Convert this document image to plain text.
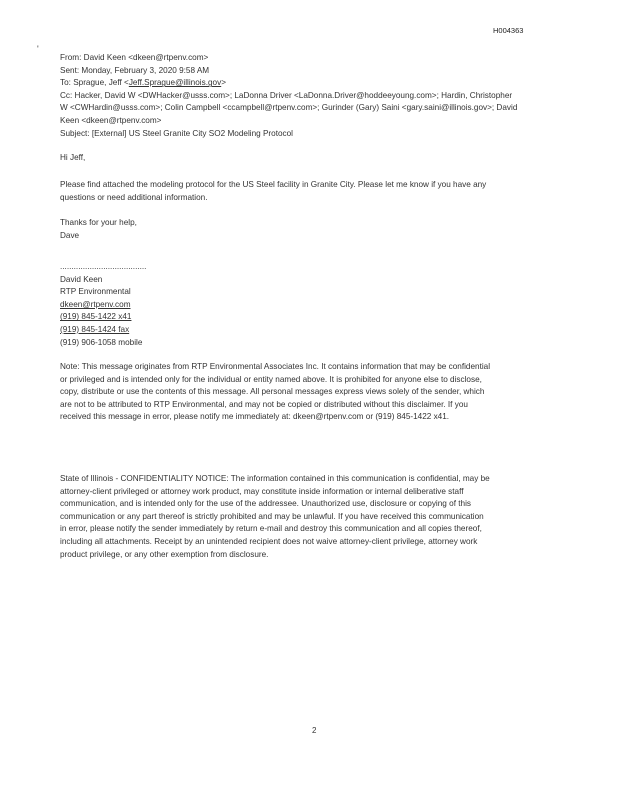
H004363
'
From: David Keen <dkeen@rtpenv.com>
Sent: Monday, February 3, 2020 9:58 AM
To: Sprague, Jeff <Jeff.Sprague@illinois.gov>
Cc: Hacker, David W <DWHacker@usss.com>; LaDonna Driver <LaDonna.Driver@hoddeeyoung.com>; Hardin, Christopher
W <CWHardin@usss.com>; Colin Campbell <ccampbell@rtpenv.com>; Gurinder (Gary) Saini <gary.saini@illinois.gov>; David
Keen <dkeen@rtpenv.com>
Subject: [External] US Steel Granite City SO2 Modeling Protocol
Hi Jeff,
Please find attached the modeling protocol for the US Steel facility in Granite City. Please let me know if you have any
questions or need additional information.
Thanks for your help,
Dave
......................................
David Keen
RTP Environmental
dkeen@rtpenv.com
(919) 845-1422 x41
(919) 845-1424 fax
(919) 906-1058 mobile
Note: This message originates from RTP Environmental Associates Inc. It contains information that may be confidential
or privileged and is intended only for the individual or entity named above. It is prohibited for anyone else to disclose,
copy, distribute or use the contents of this message. All personal messages express views solely of the sender, which
are not to be attributed to RTP Environmental, and may not be copied or distributed without this disclaimer. If you
received this message in error, please notify me immediately at: dkeen@rtpenv.com or (919) 845-1422 x41.
State of Illinois - CONFIDENTIALITY NOTICE: The information contained in this communication is confidential, may be
attorney-client privileged or attorney work product, may constitute inside information or internal deliberative staff
communication, and is intended only for the use of the addressee. Unauthorized use, disclosure or copying of this
communication or any part thereof is strictly prohibited and may be unlawful. If you have received this communication
in error, please notify the sender immediately by return e-mail and destroy this communication and all copies thereof,
including all attachments. Receipt by an unintended recipient does not waive attorney-client privilege, attorney work
product privilege, or any other exemption from disclosure.
2
